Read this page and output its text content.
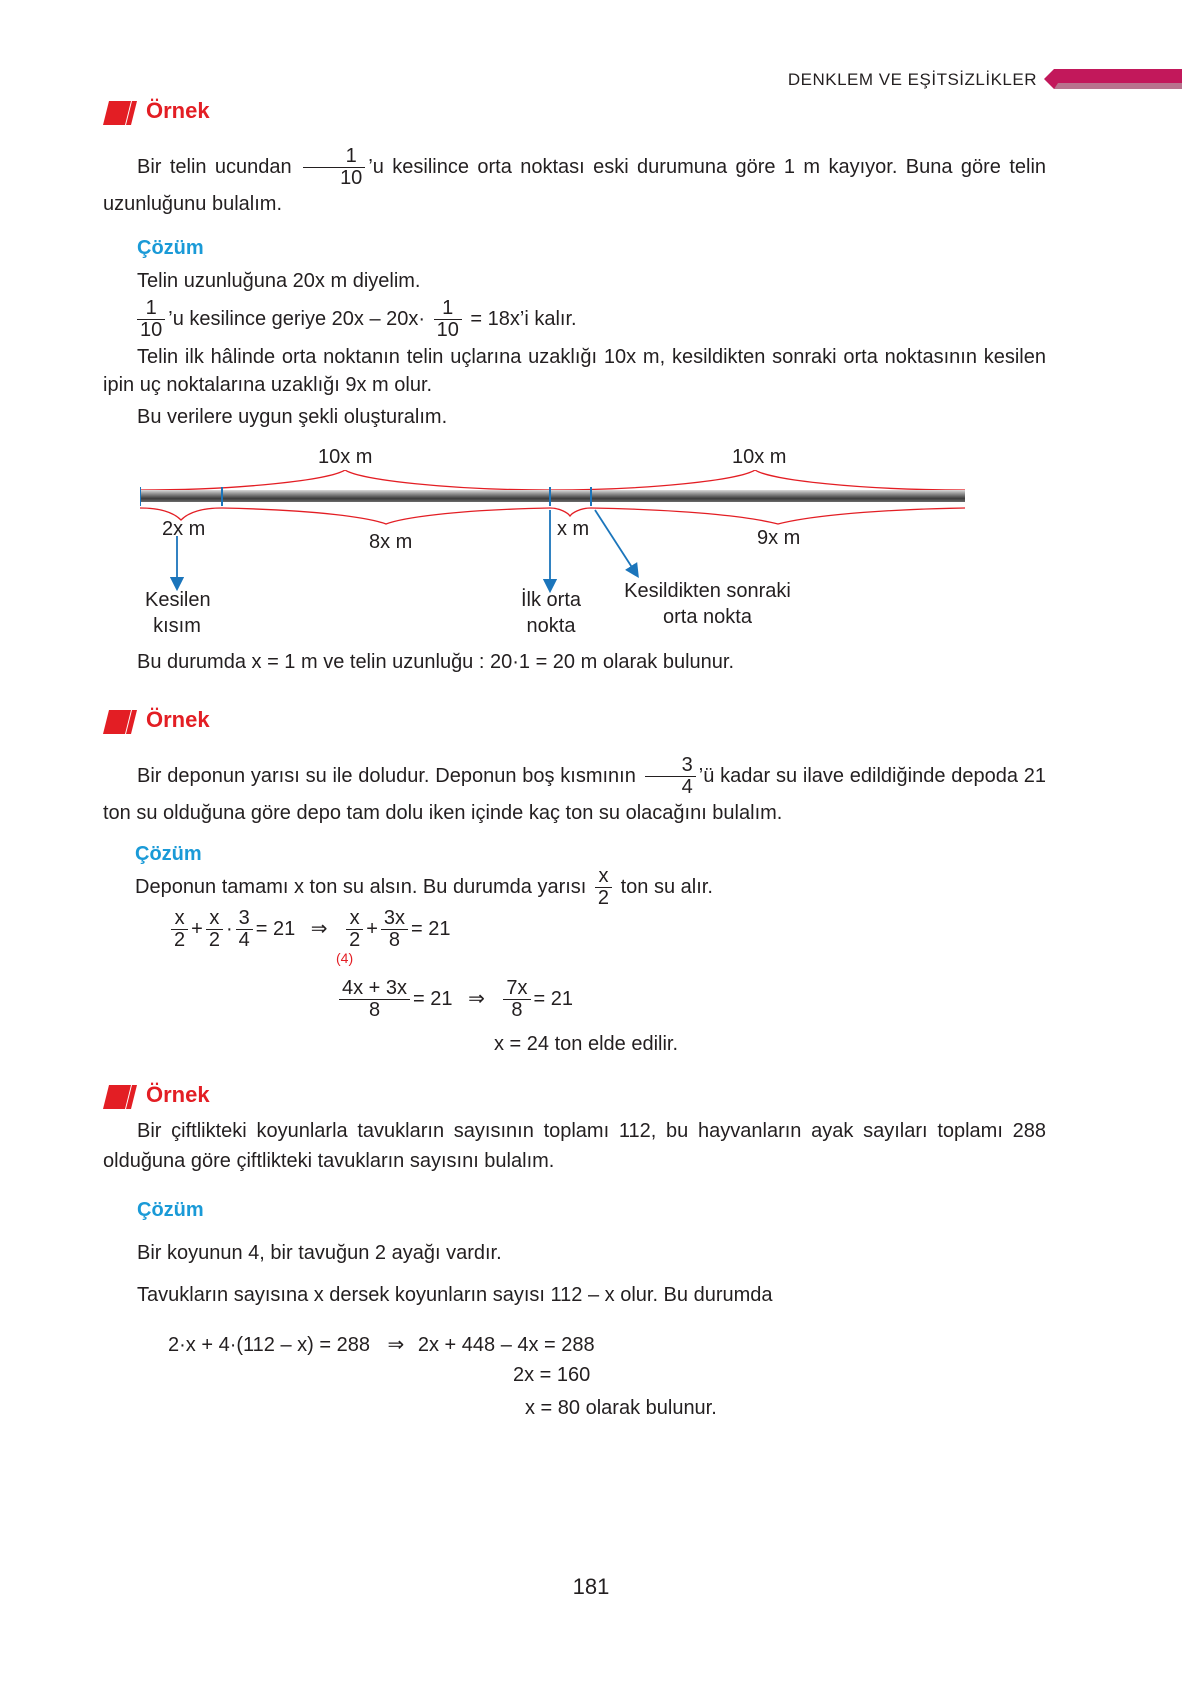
DENKLEM VE EŞİTSİZLİKLER
Örnek
Bir telin ucundan $\frac{1}{10}$ ’u kesilince orta noktası eski durumuna göre 1 m kayıyor. Buna göre telin uzunluğunu bulalım.
Çözüm
Telin uzunluğuna 20x m diyelim.
$\frac{1}{10}$ ’u kesilince geriye $20x - 20x\cdot \frac{1}{10}$ = 18x’i kalır.
Telin ilk hâlinde orta noktanın telin uçlarına uzaklığı 10x m, kesildikten sonraki orta noktasının kesilen ipin uç noktalarına uzaklığı 9x m olur.
Bu verilere uygun şekli oluşturalım.
10x m	10x m
2x m
8x m
x m	9x m
Kesilen
kısım
İlk orta
nokta
Kesildikten sonraki
orta nokta
Bu durumda x = 1 m ve telin uzunluğu : 20·1 = 20 m olarak bulunur.
Örnek
Bir deponun yarısı su ile doludur. Deponun boş kısmının $\frac{3}{4}$ ’ü kadar su ilave edildiğinde depoda 21 ton su olduğuna göre depo tam dolu iken içinde kaç ton su olacağını bulalım.
Çözüm
Deponun tamamı x ton su alsın. Bu durumda yarısı $\frac{x}{2}$ ton su alır.
$\frac{x}{2} + \frac{x}{2} \cdot \frac{3}{4} = 21$ ⇒ $\frac{x}{2} + \frac{3x}{8} = 21$
(4)
$\frac{4x + 3x}{8} = 21$ ⇒ $\frac{7x}{8} = 21$
x = 24 ton elde edilir.
Örnek
Bir çiftlikteki koyunlarla tavukların sayısının toplamı 112, bu hayvanların ayak sayıları toplamı 288 olduğuna göre çiftlikteki tavukların sayısını bulalım.
Çözüm
Bir koyunun 4, bir tavuğun 2 ayağı vardır.
Tavukların sayısına x dersek koyunların sayısı 112 – x olur. Bu durumda
2·x + 4·(112 – x) = 288 ⇒ 2x + 448 – 4x = 288
2x = 160
x = 80 olarak bulunur.
181
